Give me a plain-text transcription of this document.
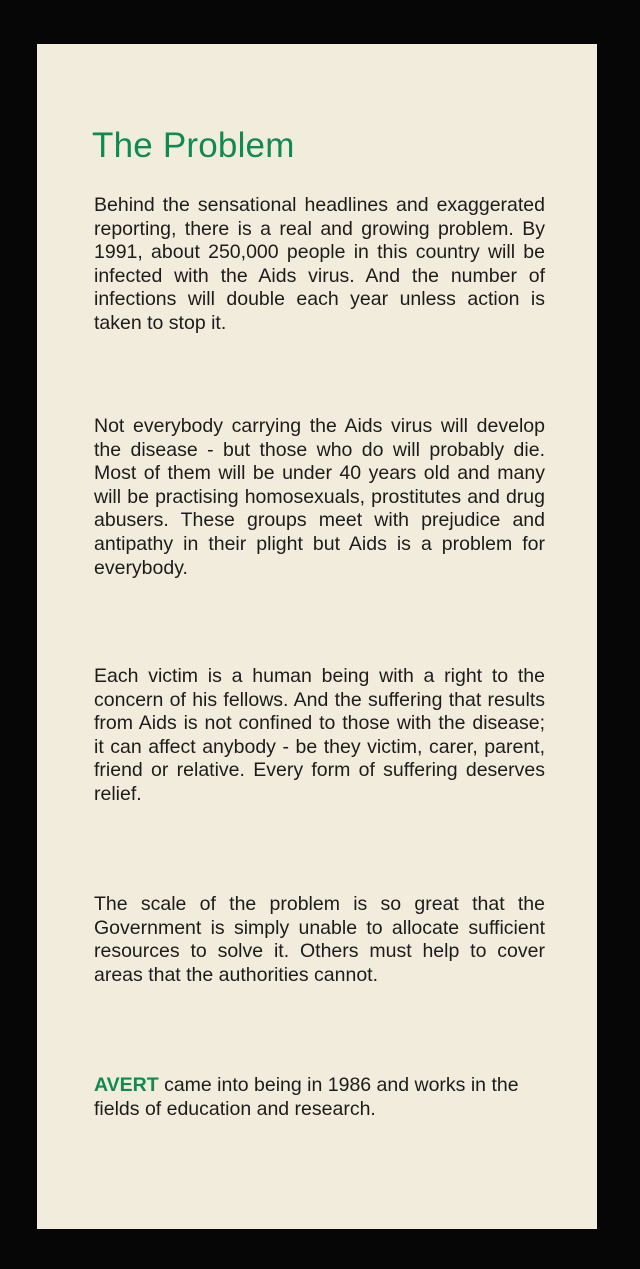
The Problem

Behind the sensational headlines and exaggerated reporting, there is a real and growing problem. By 1991, about 250,000 people in this country will be infected with the Aids virus. And the number of infections will double each year unless action is taken to stop it.

Not everybody carrying the Aids virus will develop the disease - but those who do will probably die. Most of them will be under 40 years old and many will be practising homosexuals, prostitutes and drug abusers. These groups meet with prejudice and antipathy in their plight but Aids is a problem for everybody.

Each victim is a human being with a right to the concern of his fellows. And the suffering that results from Aids is not confined to those with the disease; it can affect anybody - be they victim, carer, parent, friend or relative. Every form of suffering deserves relief.

The scale of the problem is so great that the Government is simply unable to allocate sufficient resources to solve it. Others must help to cover areas that the authorities cannot.

AVERT came into being in 1986 and works in the fields of education and research.
